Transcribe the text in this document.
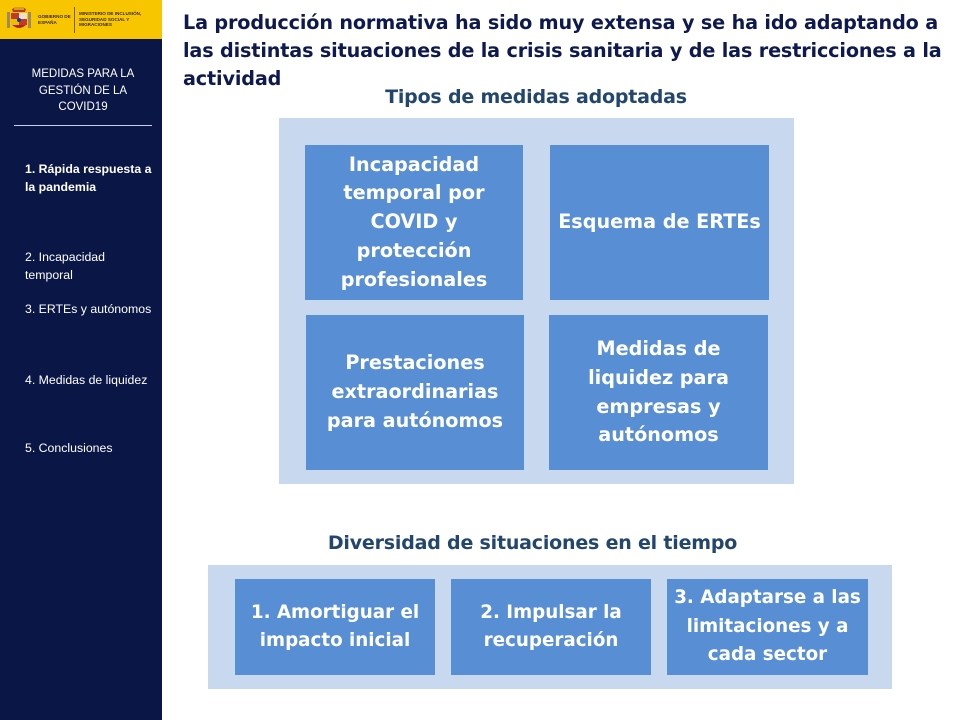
GOBIERNO DE ESPAÑA
MINISTERIO DE INCLUSIÓN, SEGURIDAD SOCIAL Y MIGRACIONES
MEDIDAS PARA LA GESTIÓN DE LA COVID19
1. Rápida respuesta a la pandemia
2. Incapacidad temporal
3. ERTEs y autónomos
4. Medidas de liquidez
5. Conclusiones
La producción normativa ha sido muy extensa y se ha ido adaptando a las distintas situaciones de la crisis sanitaria y de las restricciones a la actividad
Tipos de medidas adoptadas
Incapacidad temporal por COVID y protección profesionales
Esquema de ERTEs
Prestaciones extraordinarias para autónomos
Medidas de liquidez para empresas y autónomos
Diversidad de situaciones en el tiempo
1. Amortiguar el impacto inicial
2. Impulsar la recuperación
3. Adaptarse a las limitaciones y a cada sector
